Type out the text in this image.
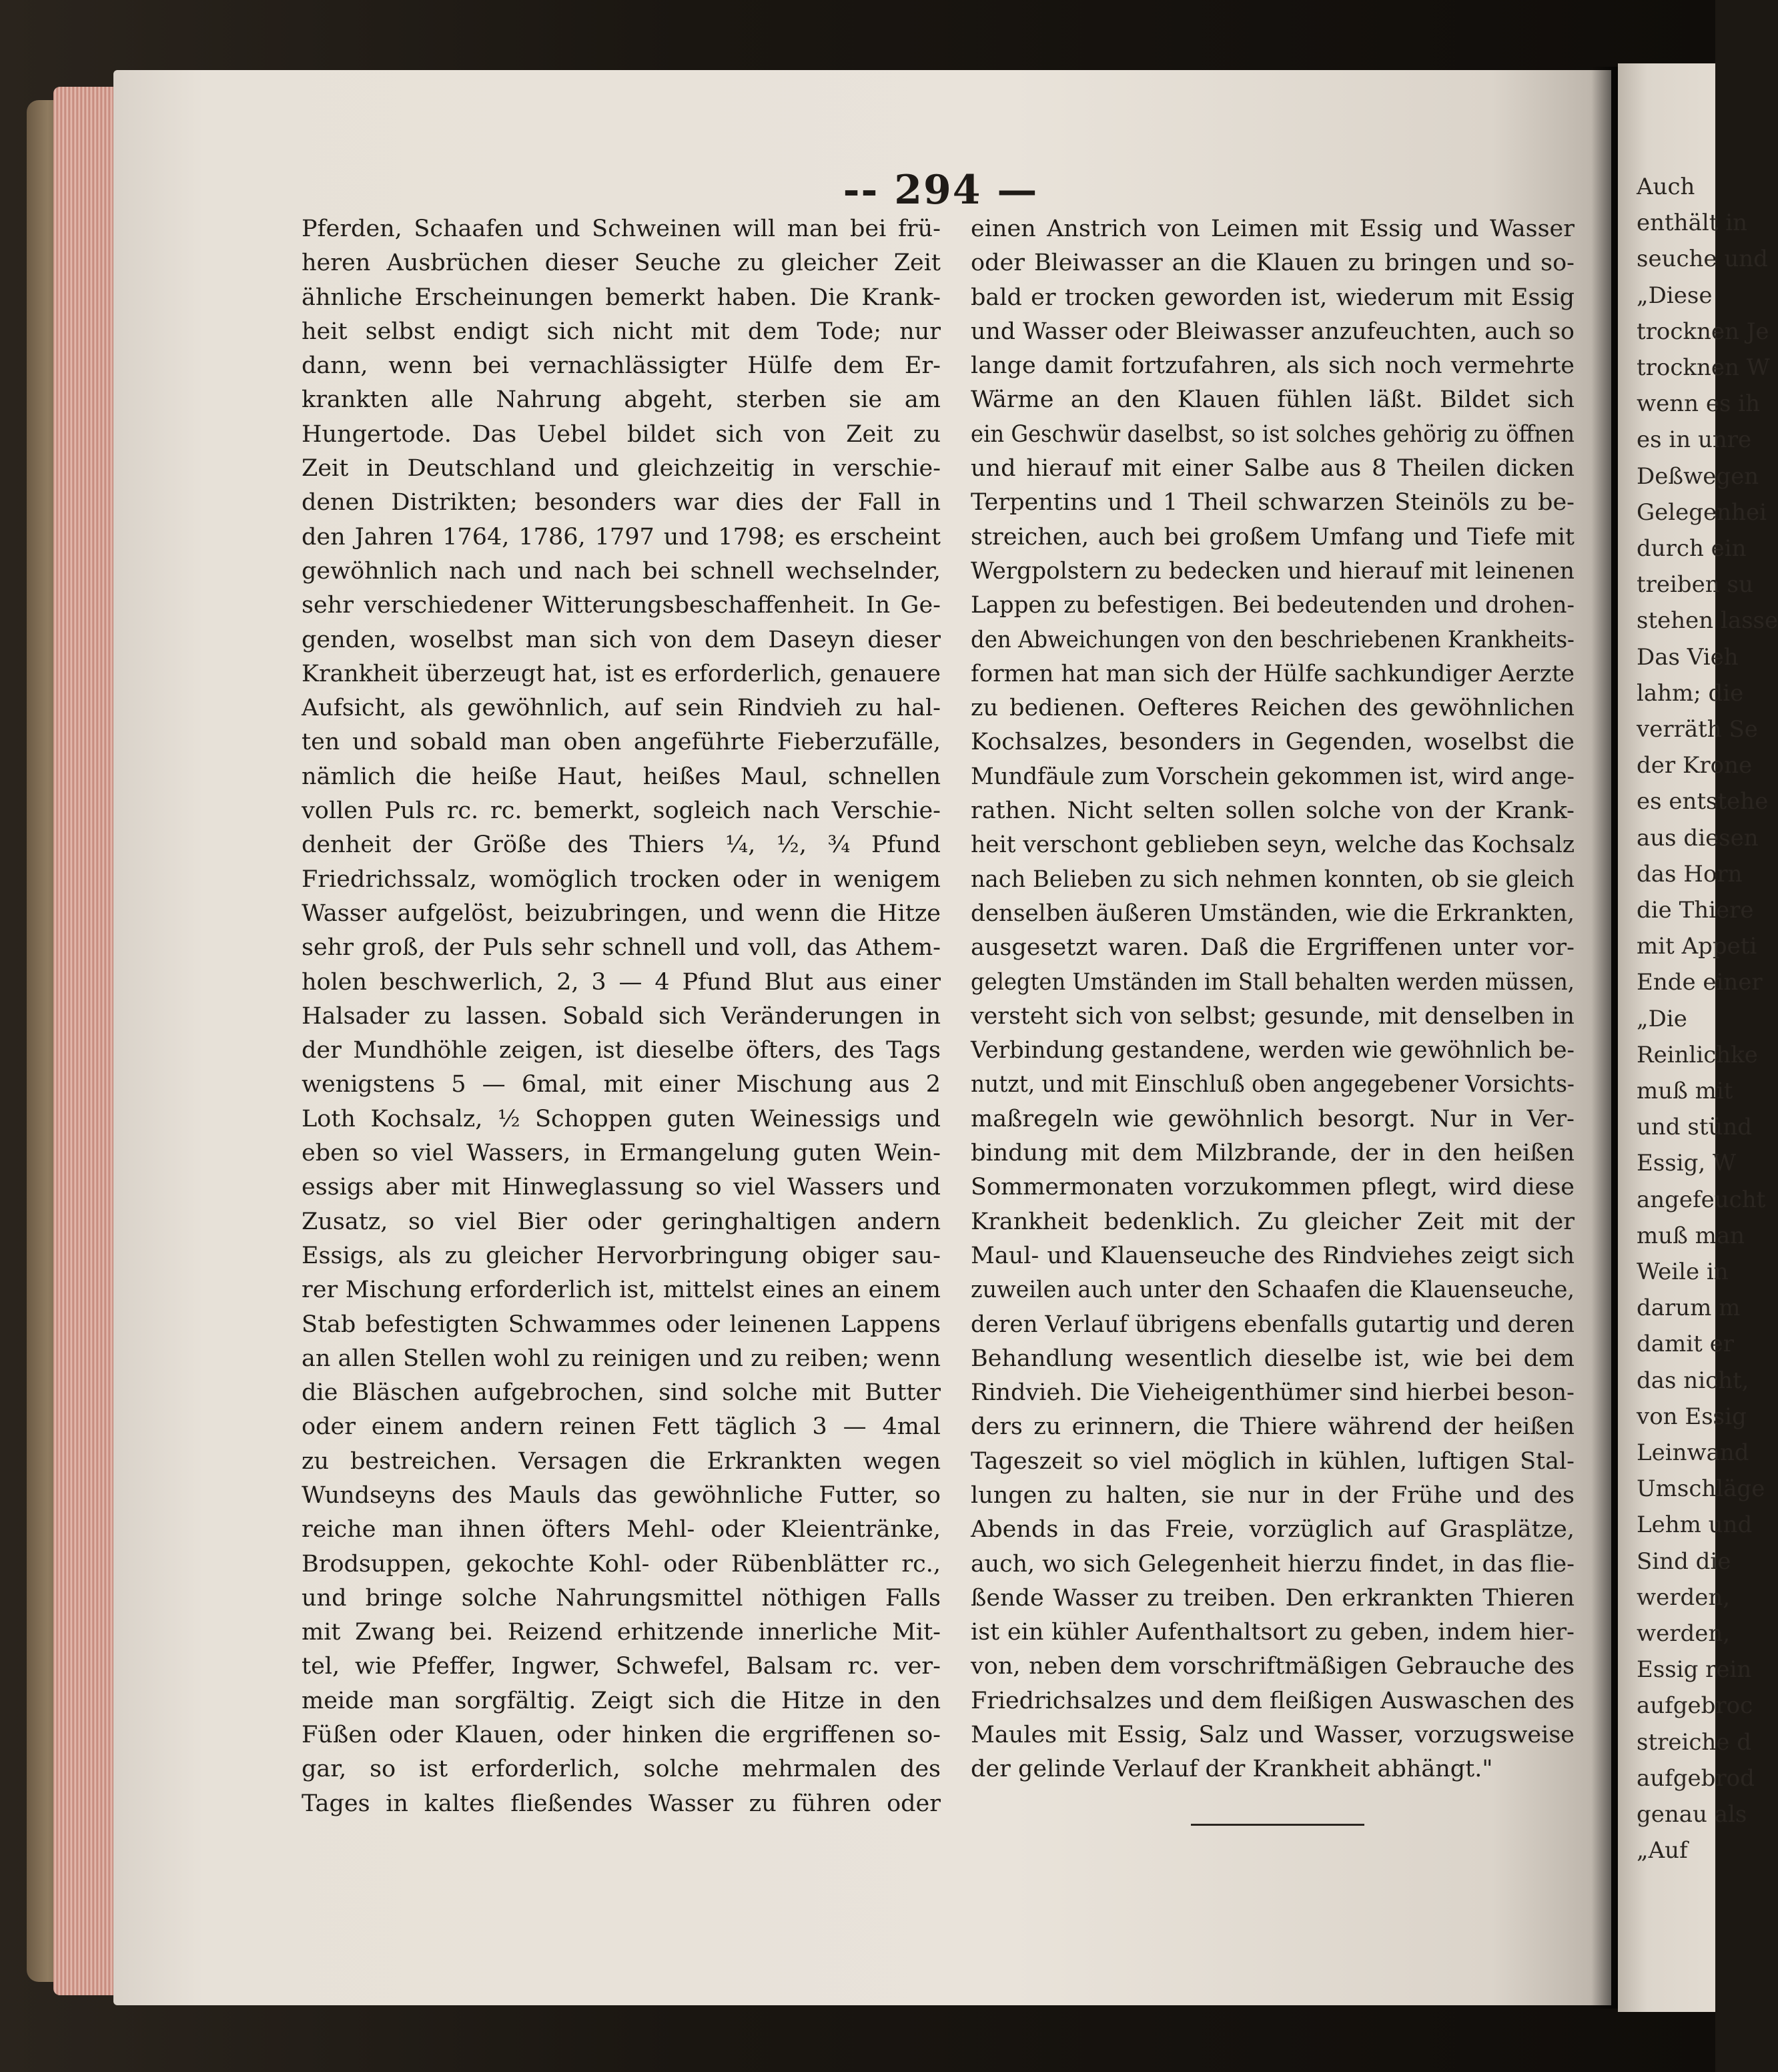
-- 294 —
Pferden, Schaafen und Schweinen will man bei frü-
heren Ausbrüchen dieser Seuche zu gleicher Zeit
ähnliche Erscheinungen bemerkt haben. Die Krank-
heit selbst endigt sich nicht mit dem Tode; nur
dann, wenn bei vernachlässigter Hülfe dem Er-
krankten alle Nahrung abgeht, sterben sie am
Hungertode. Das Uebel bildet sich von Zeit zu
Zeit in Deutschland und gleichzeitig in verschie-
denen Distrikten; besonders war dies der Fall in
den Jahren 1764, 1786, 1797 und 1798; es erscheint
gewöhnlich nach und nach bei schnell wechselnder,
sehr verschiedener Witterungsbeschaffenheit. In Ge-
genden, woselbst man sich von dem Daseyn dieser
Krankheit überzeugt hat, ist es erforderlich, genauere
Aufsicht, als gewöhnlich, auf sein Rindvieh zu hal-
ten und sobald man oben angeführte Fieberzufälle,
nämlich die heiße Haut, heißes Maul, schnellen
vollen Puls rc. rc. bemerkt, sogleich nach Verschie-
denheit der Größe des Thiers ¼, ½, ¾ Pfund
Friedrichssalz, womöglich trocken oder in wenigem
Wasser aufgelöst, beizubringen, und wenn die Hitze
sehr groß, der Puls sehr schnell und voll, das Athem-
holen beschwerlich, 2, 3 — 4 Pfund Blut aus einer
Halsader zu lassen. Sobald sich Veränderungen in
der Mundhöhle zeigen, ist dieselbe öfters, des Tags
wenigstens 5 — 6mal, mit einer Mischung aus 2
Loth Kochsalz, ½ Schoppen guten Weinessigs und
eben so viel Wassers, in Ermangelung guten Wein-
essigs aber mit Hinweglassung so viel Wassers und
Zusatz, so viel Bier oder geringhaltigen andern
Essigs, als zu gleicher Hervorbringung obiger sau-
rer Mischung erforderlich ist, mittelst eines an einem
Stab befestigten Schwammes oder leinenen Lappens
an allen Stellen wohl zu reinigen und zu reiben; wenn
die Bläschen aufgebrochen, sind solche mit Butter
oder einem andern reinen Fett täglich 3 — 4mal
zu bestreichen. Versagen die Erkrankten wegen
Wundseyns des Mauls das gewöhnliche Futter, so
reiche man ihnen öfters Mehl- oder Kleientränke,
Brodsuppen, gekochte Kohl- oder Rübenblätter rc.,
und bringe solche Nahrungsmittel nöthigen Falls
mit Zwang bei. Reizend erhitzende innerliche Mit-
tel, wie Pfeffer, Ingwer, Schwefel, Balsam rc. ver-
meide man sorgfältig. Zeigt sich die Hitze in den
Füßen oder Klauen, oder hinken die ergriffenen so-
gar, so ist erforderlich, solche mehrmalen des
Tages in kaltes fließendes Wasser zu führen oder
einen Anstrich von Leimen mit Essig und Wasser
oder Bleiwasser an die Klauen zu bringen und so-
bald er trocken geworden ist, wiederum mit Essig
und Wasser oder Bleiwasser anzufeuchten, auch so
lange damit fortzufahren, als sich noch vermehrte
Wärme an den Klauen fühlen läßt. Bildet sich
ein Geschwür daselbst, so ist solches gehörig zu öffnen
und hierauf mit einer Salbe aus 8 Theilen dicken
Terpentins und 1 Theil schwarzen Steinöls zu be-
streichen, auch bei großem Umfang und Tiefe mit
Wergpolstern zu bedecken und hierauf mit leinenen
Lappen zu befestigen. Bei bedeutenden und drohen-
den Abweichungen von den beschriebenen Krankheits-
formen hat man sich der Hülfe sachkundiger Aerzte
zu bedienen. Oefteres Reichen des gewöhnlichen
Kochsalzes, besonders in Gegenden, woselbst die
Mundfäule zum Vorschein gekommen ist, wird ange-
rathen. Nicht selten sollen solche von der Krank-
heit verschont geblieben seyn, welche das Kochsalz
nach Belieben zu sich nehmen konnten, ob sie gleich
denselben äußeren Umständen, wie die Erkrankten,
ausgesetzt waren. Daß die Ergriffenen unter vor-
gelegten Umständen im Stall behalten werden müssen,
versteht sich von selbst; gesunde, mit denselben in
Verbindung gestandene, werden wie gewöhnlich be-
nutzt, und mit Einschluß oben angegebener Vorsichts-
maßregeln wie gewöhnlich besorgt. Nur in Ver-
bindung mit dem Milzbrande, der in den heißen
Sommermonaten vorzukommen pflegt, wird diese
Krankheit bedenklich. Zu gleicher Zeit mit der
Maul- und Klauenseuche des Rindviehes zeigt sich
zuweilen auch unter den Schaafen die Klauenseuche,
deren Verlauf übrigens ebenfalls gutartig und deren
Behandlung wesentlich dieselbe ist, wie bei dem
Rindvieh. Die Vieheigenthümer sind hierbei beson-
ders zu erinnern, die Thiere während der heißen
Tageszeit so viel möglich in kühlen, luftigen Stal-
lungen zu halten, sie nur in der Frühe und des
Abends in das Freie, vorzüglich auf Grasplätze,
auch, wo sich Gelegenheit hierzu findet, in das flie-
ßende Wasser zu treiben. Den erkrankten Thieren
ist ein kühler Aufenthaltsort zu geben, indem hier-
von, neben dem vorschriftmäßigen Gebrauche des
Friedrichsalzes und dem fleißigen Auswaschen des
Maules mit Essig, Salz und Wasser, vorzugsweise
der gelinde Verlauf der Krankheit abhängt."
Auch
enthält in
seuche und
„Diese
trocknen Je
trocknen W
wenn es ih
es in unre
Deßwegen
Gelegenhei
durch ein
treiben su
stehen lasse
Das Vieh
lahm; die
verräth Se
der Krone
es entstehe
aus diesen
das Horn
die Thiere
mit Appeti
Ende einer
„Die
Reinlichke
muß mit
und stünd
Essig, W
angefeucht
muß man
Weile in
darum m
damit er
das nicht,
von Essig
Leinwand
Umschläge
Lehm und
Sind die
werden,
werden,
Essig rein
aufgebroc
streiche d
aufgebrod
genau als
„Auf
